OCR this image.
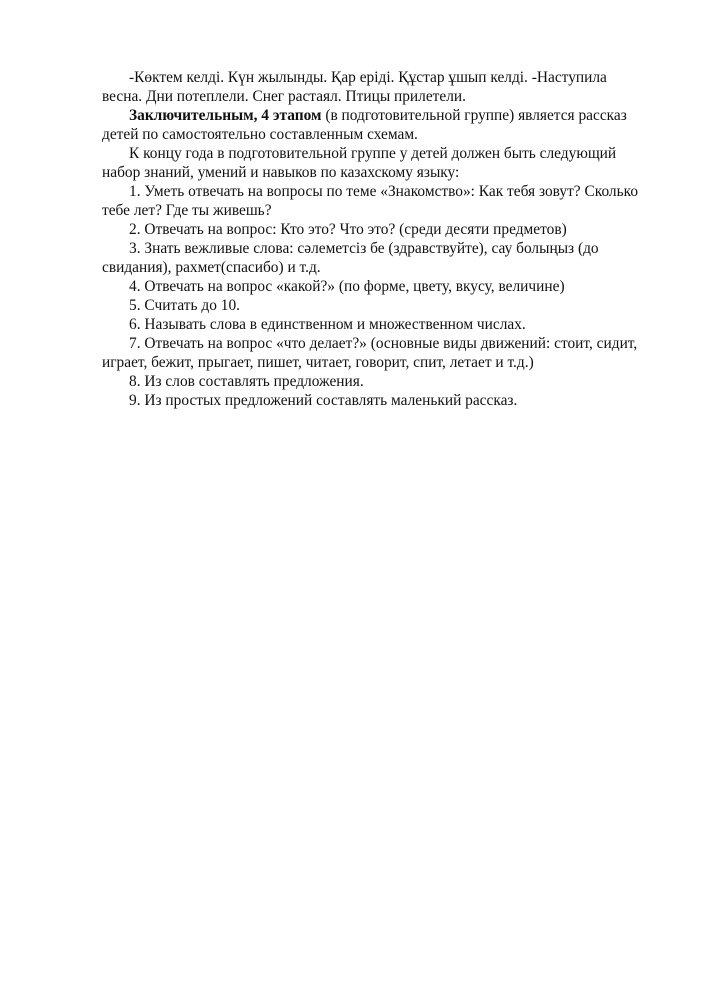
-Көктем келді. Күн жылынды. Қар еріді. Құстар ұшып келді. -Наступила весна. Дни потеплели. Снег растаял. Птицы прилетели.

Заключительным, 4 этапом (в подготовительной группе) является рассказ детей по самостоятельно составленным схемам.

К концу года в подготовительной группе у детей должен быть следующий набор знаний, умений и навыков по казахскому языку:

1. Уметь отвечать на вопросы по теме «Знакомство»: Как тебя зовут? Сколько тебе лет? Где ты живешь?

2. Отвечать на вопрос: Кто это? Что это? (среди десяти предметов)

3. Знать вежливые слова: сәлеметсіз бе (здравствуйте), сау болыңыз (до свидания), рахмет(спасибо) и т.д.

4. Отвечать на вопрос «какой?» (по форме, цвету, вкусу, величине)

5. Считать до 10.

6. Называть слова в единственном и множественном числах.

7. Отвечать на вопрос «что делает?» (основные виды движений: стоит, сидит, играет, бежит, прыгает, пишет, читает, говорит, спит, летает и т.д.)

8. Из слов составлять предложения.

9. Из простых предложений составлять маленький рассказ.
